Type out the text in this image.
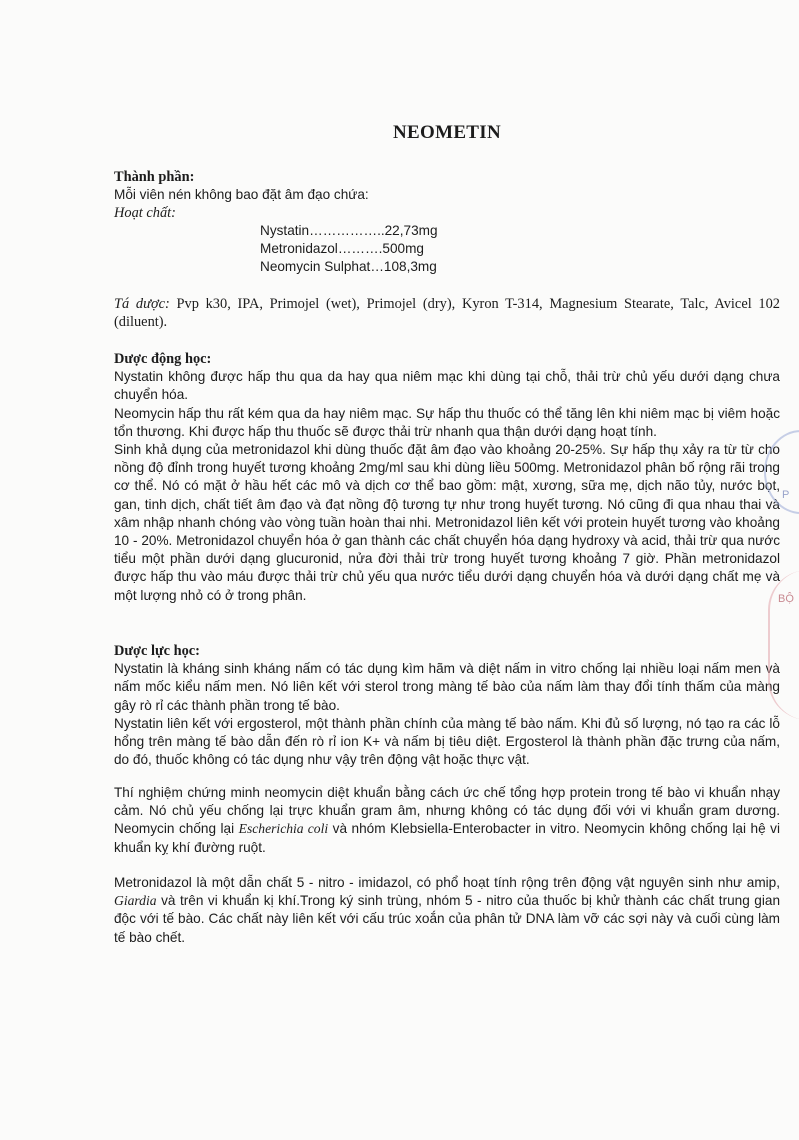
NEOMETIN
Thành phần:
Mỗi viên nén không bao đặt âm đạo chứa:
Hoạt chất:
Nystatin……………..22,73mg
Metronidazol……….500mg
Neomycin Sulphat…108,3mg
Tá dược: Pvp k30, IPA, Primojel (wet), Primojel (dry), Kyron T-314, Magnesium Stearate, Talc, Avicel 102 (diluent).
Dược động học:

Nystatin không được hấp thu qua da hay qua niêm mạc khi dùng tại chỗ, thải trừ chủ yếu dưới dạng chưa chuyển hóa.

Neomycin hấp thu rất kém qua da hay niêm mạc. Sự hấp thu thuốc có thể tăng lên khi niêm mạc bị viêm hoặc tổn thương. Khi được hấp thu thuốc sẽ được thải trừ nhanh qua thận dưới dạng hoạt tính.

Sinh khả dụng của metronidazol khi dùng thuốc đặt âm đạo vào khoảng 20-25%. Sự hấp thụ xảy ra từ từ cho nồng độ đỉnh trong huyết tương khoảng 2mg/ml sau khi dùng liều 500mg. Metronidazol phân bố rộng rãi trong cơ thể. Nó có mặt ở hầu hết các mô và dịch cơ thể bao gồm: mật, xương, sữa mẹ, dịch não tủy, nước bọt, gan, tinh dịch, chất tiết âm đạo và đạt nồng độ tương tự như trong huyết tương. Nó cũng đi qua nhau thai và xâm nhập nhanh chóng vào vòng tuần hoàn thai nhi. Metronidazol liên kết với protein huyết tương vào khoảng 10 - 20%. Metronidazol chuyển hóa ở gan thành các chất chuyển hóa dạng hydroxy và acid, thải trừ qua nước tiểu một phần dưới dạng glucuronid, nửa đời thải trừ trong huyết tương khoảng 7 giờ. Phần metronidazol được hấp thu vào máu được thải trừ chủ yếu qua nước tiểu dưới dạng chuyển hóa và dưới dạng chất mẹ và một lượng nhỏ có ở trong phân.

Dược lực học:

Nystatin là kháng sinh kháng nấm có tác dụng kìm hãm và diệt nấm in vitro chống lại nhiều loại nấm men và nấm mốc kiểu nấm men. Nó liên kết với sterol trong màng tế bào của nấm làm thay đổi tính thấm của màng gây rò rỉ các thành phần trong tế bào.

Nystatin liên kết với ergosterol, một thành phần chính của màng tế bào nấm. Khi đủ số lượng, nó tạo ra các lỗ hổng trên màng tế bào dẫn đến rò rỉ ion K+ và nấm bị tiêu diệt. Ergosterol là thành phần đặc trưng của nấm, do đó, thuốc không có tác dụng như vậy trên động vật hoặc thực vật.

Thí nghiệm chứng minh neomycin diệt khuẩn bằng cách ức chế tổng hợp protein trong tế bào vi khuẩn nhạy cảm. Nó chủ yếu chống lại trực khuẩn gram âm, nhưng không có tác dụng đối với vi khuẩn gram dương. Neomycin chống lại Escherichia coli và nhóm Klebsiella-Enterobacter in vitro. Neomycin không chống lại hệ vi khuẩn kỵ khí đường ruột.
Metronidazol là một dẫn chất 5 - nitro - imidazol, có phổ hoạt tính rộng trên động vật nguyên sinh như amip, Giardia và trên vi khuẩn kị khí.Trong ký sinh trùng, nhóm 5 - nitro của thuốc bị khử thành các chất trung gian độc với tế bào. Các chất này liên kết với cấu trúc xoắn của phân tử DNA làm vỡ các sợi này và cuối cùng làm tế bào chết.
P
BỘ
